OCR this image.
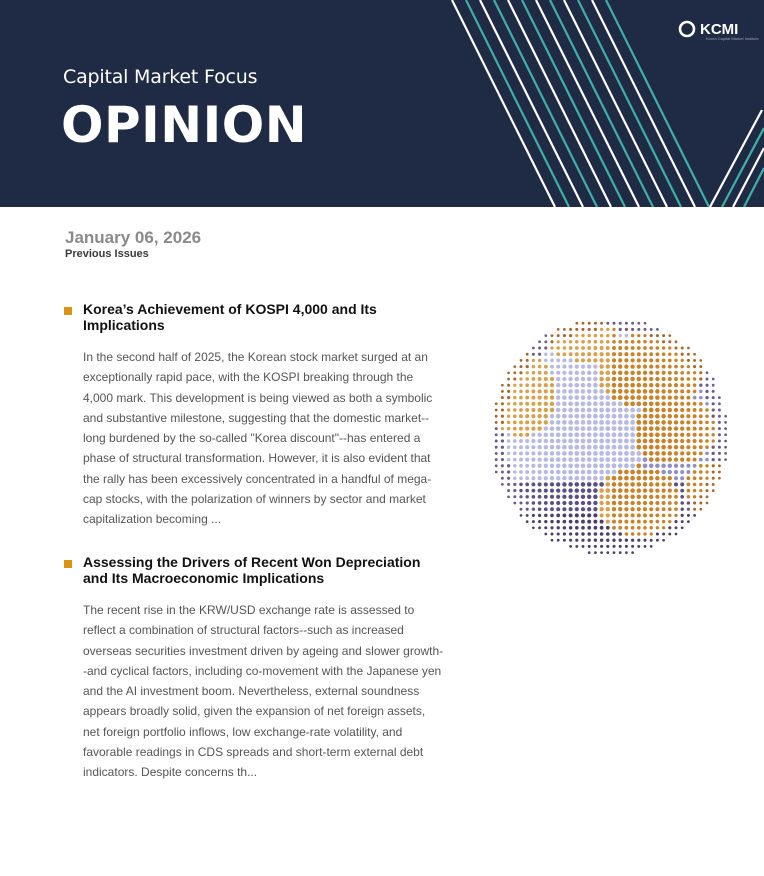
KCMI
Korea Capital Market Institute
Capital Market Focus
OPINION
January 06, 2026
Previous Issues
Korea’s Achievement of KOSPI 4,000 and Its Implications
In the second half of 2025, the Korean stock market surged at an exceptionally rapid pace, with the KOSPI breaking through the 4,000 mark. This development is being viewed as both a symbolic and substantive milestone, suggesting that the domestic market--long burdened by the so-called "Korea discount"--has entered a phase of structural transformation. However, it is also evident that the rally has been excessively concentrated in a handful of mega-cap stocks, with the polarization of winners by sector and market capitalization becoming ...
Assessing the Drivers of Recent Won Depreciation and Its Macroeconomic Implications
The recent rise in the KRW/USD exchange rate is assessed to reflect a combination of structural factors--such as increased overseas securities investment driven by ageing and slower growth--and cyclical factors, including co-movement with the Japanese yen and the AI investment boom. Nevertheless, external soundness appears broadly solid, given the expansion of net foreign assets, net foreign portfolio inflows, low exchange-rate volatility, and favorable readings in CDS spreads and short-term external debt indicators. Despite concerns th...
